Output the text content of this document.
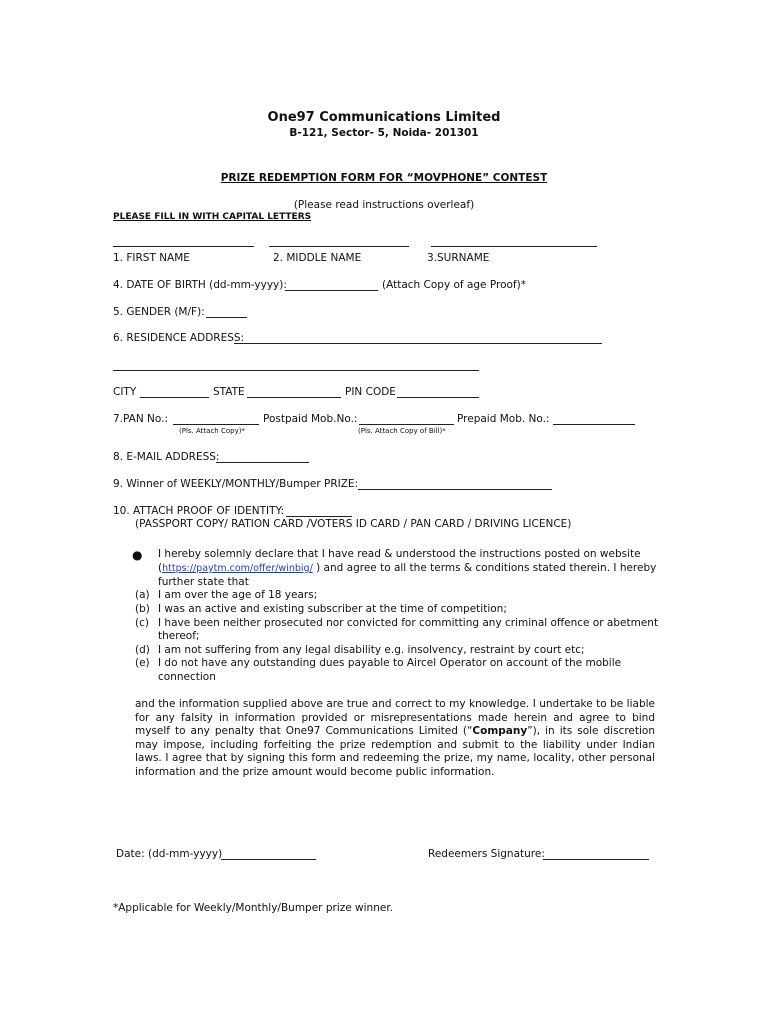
One97 Communications Limited
B-121, Sector- 5, Noida- 201301
PRIZE REDEMPTION FORM FOR “MOVPHONE” CONTEST
(Please read instructions overleaf)
PLEASE FILL IN WITH CAPITAL LETTERS
1. FIRST NAME	2. MIDDLE NAME	3.SURNAME
4. DATE OF BIRTH (dd-mm-yyyy):	(Attach Copy of age Proof)*
5. GENDER (M/F):
6. RESIDENCE ADDRESS:
CITY	STATE	PIN CODE
7.PAN No.:	Postpaid Mob.No.:	Prepaid Mob. No.:
(Pls. Attach Copy)*	(Pls. Attach Copy of Bill)*
8. E-MAIL ADDRESS:
9. Winner of WEEKLY/MONTHLY/Bumper PRIZE:
10. ATTACH PROOF OF IDENTITY:
(PASSPORT COPY/ RATION CARD /VOTERS ID CARD / PAN CARD / DRIVING LICENCE)
● I hereby solemnly declare that I have read & understood the instructions posted on website
(https://paytm.com/offer/winbig/ ) and agree to all the terms & conditions stated therein. I hereby
further state that
(a) I am over the age of 18 years;
(b) I was an active and existing subscriber at the time of competition;
(c) I have been neither prosecuted nor convicted for committing any criminal offence or abetment
thereof;
(d) I am not suffering from any legal disability e.g. insolvency, restraint by court etc;
(e) I do not have any outstanding dues payable to Aircel Operator on account of the mobile
connection
and the information supplied above are true and correct to my knowledge. I undertake to be liable for any falsity in information provided or misrepresentations made herein and agree to bind myself to any penalty that One97 Communications Limited (“Company”), in its sole discretion may impose, including forfeiting the prize redemption and submit to the liability under Indian laws. I agree that by signing this form and redeeming the prize, my name, locality, other personal information and the prize amount would become public information.
Date: (dd-mm-yyyy)	Redeemers Signature:
*Applicable for Weekly/Monthly/Bumper prize winner.
